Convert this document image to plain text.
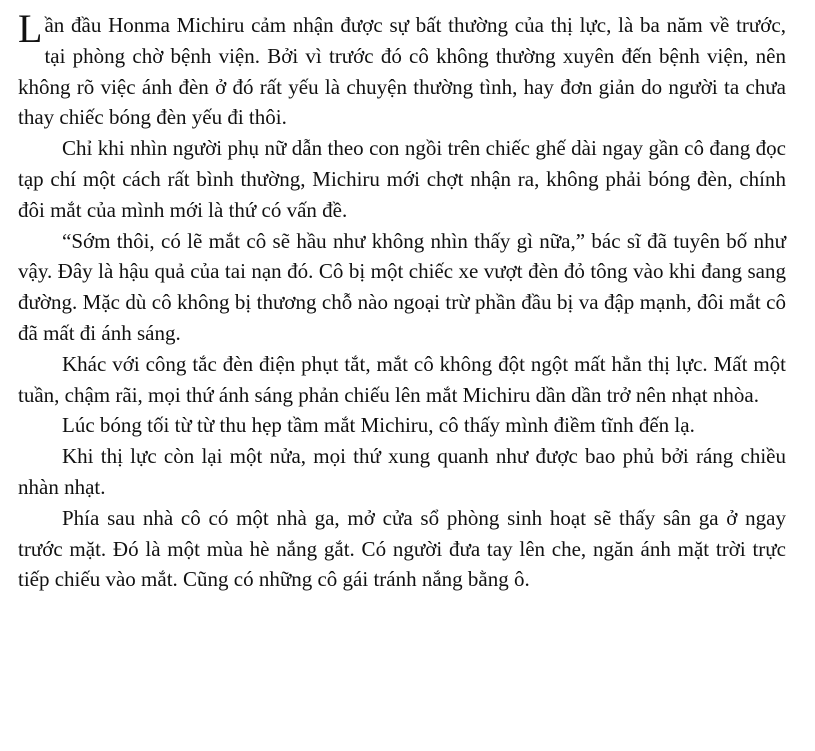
Lần đầu Honma Michiru cảm nhận được sự bất thường của thị lực, là ba năm về trước, tại phòng chờ bệnh viện. Bởi vì trước đó cô không thường xuyên đến bệnh viện, nên không rõ việc ánh đèn ở đó rất yếu là chuyện thường tình, hay đơn giản do người ta chưa thay chiếc bóng đèn yếu đi thôi.

Chỉ khi nhìn người phụ nữ dẫn theo con ngồi trên chiếc ghế dài ngay gần cô đang đọc tạp chí một cách rất bình thường, Michiru mới chợt nhận ra, không phải bóng đèn, chính đôi mắt của mình mới là thứ có vấn đề.

“Sớm thôi, có lẽ mắt cô sẽ hầu như không nhìn thấy gì nữa,” bác sĩ đã tuyên bố như vậy. Đây là hậu quả của tai nạn đó. Cô bị một chiếc xe vượt đèn đỏ tông vào khi đang sang đường. Mặc dù cô không bị thương chỗ nào ngoại trừ phần đầu bị va đập mạnh, đôi mắt cô đã mất đi ánh sáng.

Khác với công tắc đèn điện phụt tắt, mắt cô không đột ngột mất hẳn thị lực. Mất một tuần, chậm rãi, mọi thứ ánh sáng phản chiếu lên mắt Michiru dần dần trở nên nhạt nhòa.

Lúc bóng tối từ từ thu hẹp tầm mắt Michiru, cô thấy mình điềm tĩnh đến lạ.

Khi thị lực còn lại một nửa, mọi thứ xung quanh như được bao phủ bởi ráng chiều nhàn nhạt.

Phía sau nhà cô có một nhà ga, mở cửa sổ phòng sinh hoạt sẽ thấy sân ga ở ngay trước mặt. Đó là một mùa hè nắng gắt. Có người đưa tay lên che, ngăn ánh mặt trời trực tiếp chiếu vào mắt. Cũng có những cô gái tránh nắng bằng ô.
